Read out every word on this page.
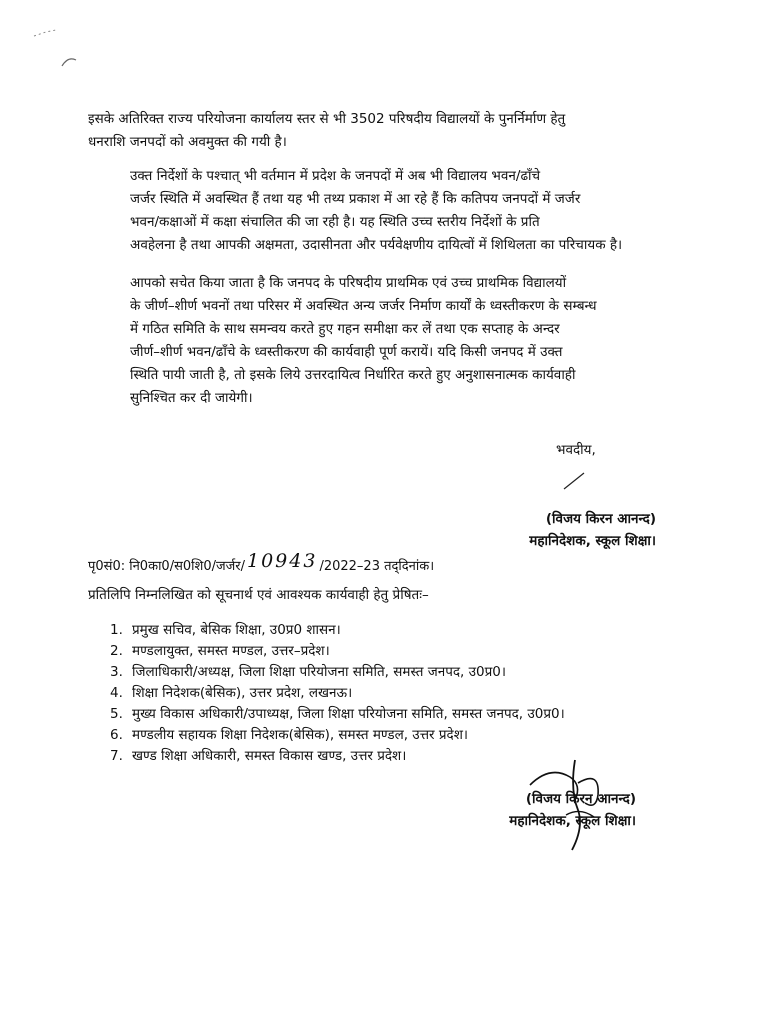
इसके अतिरिक्त राज्य परियोजना कार्यालय स्तर से भी 3502 परिषदीय विद्यालयों के पुनर्निर्माण हेतु
धनराशि जनपदों को अवमुक्त की गयी है।
उक्त निर्देशों के पश्चात् भी वर्तमान में प्रदेश के जनपदों में अब भी विद्यालय भवन/ढाँचे
जर्जर स्थिति में अवस्थित हैं तथा यह भी तथ्य प्रकाश में आ रहे हैं कि कतिपय जनपदों में जर्जर
भवन/कक्षाओं में कक्षा संचालित की जा रही है। यह स्थिति उच्च स्तरीय निर्देशों के प्रति
अवहेलना है तथा आपकी अक्षमता, उदासीनता और पर्यवेक्षणीय दायित्वों में शिथिलता का परिचायक है।
आपको सचेत किया जाता है कि जनपद के परिषदीय प्राथमिक एवं उच्च प्राथमिक विद्यालयों
के जीर्ण–शीर्ण भवनों तथा परिसर में अवस्थित अन्य जर्जर निर्माण कार्यों के ध्वस्तीकरण के सम्बन्ध
में गठित समिति के साथ समन्वय करते हुए गहन समीक्षा कर लें तथा एक सप्ताह के अन्दर
जीर्ण–शीर्ण भवन/ढाँचे के ध्वस्तीकरण की कार्यवाही पूर्ण करायें। यदि किसी जनपद में उक्त
स्थिति पायी जाती है, तो इसके लिये उत्तरदायित्व निर्धारित करते हुए अनुशासनात्मक कार्यवाही
सुनिश्चित कर दी जायेगी।
भवदीय,
(विजय किरन आनन्द)
महानिदेशक, स्कूल शिक्षा।
पृ0सं0: नि0का0/स0शि0/जर्जर/ 10943 /2022–23 तद्‌दिनांक।
प्रतिलिपि निम्नलिखित को सूचनार्थ एवं आवश्यक कार्यवाही हेतु प्रेषितः–
1. प्रमुख सचिव, बेसिक शिक्षा, उ0प्र0 शासन।
2. मण्डलायुक्त, समस्त मण्डल, उत्तर–प्रदेश।
3. जिलाधिकारी/अध्यक्ष, जिला शिक्षा परियोजना समिति, समस्त जनपद, उ0प्र0।
4. शिक्षा निदेशक(बेसिक), उत्तर प्रदेश, लखनऊ।
5. मुख्य विकास अधिकारी/उपाध्यक्ष, जिला शिक्षा परियोजना समिति, समस्त जनपद, उ0प्र0।
6. मण्डलीय सहायक शिक्षा निदेशक(बेसिक), समस्त मण्डल, उत्तर प्रदेश।
7. खण्ड शिक्षा अधिकारी, समस्त विकास खण्ड, उत्तर प्रदेश।
(विजय किरन आनन्द)
महानिदेशक, स्कूल शिक्षा।
